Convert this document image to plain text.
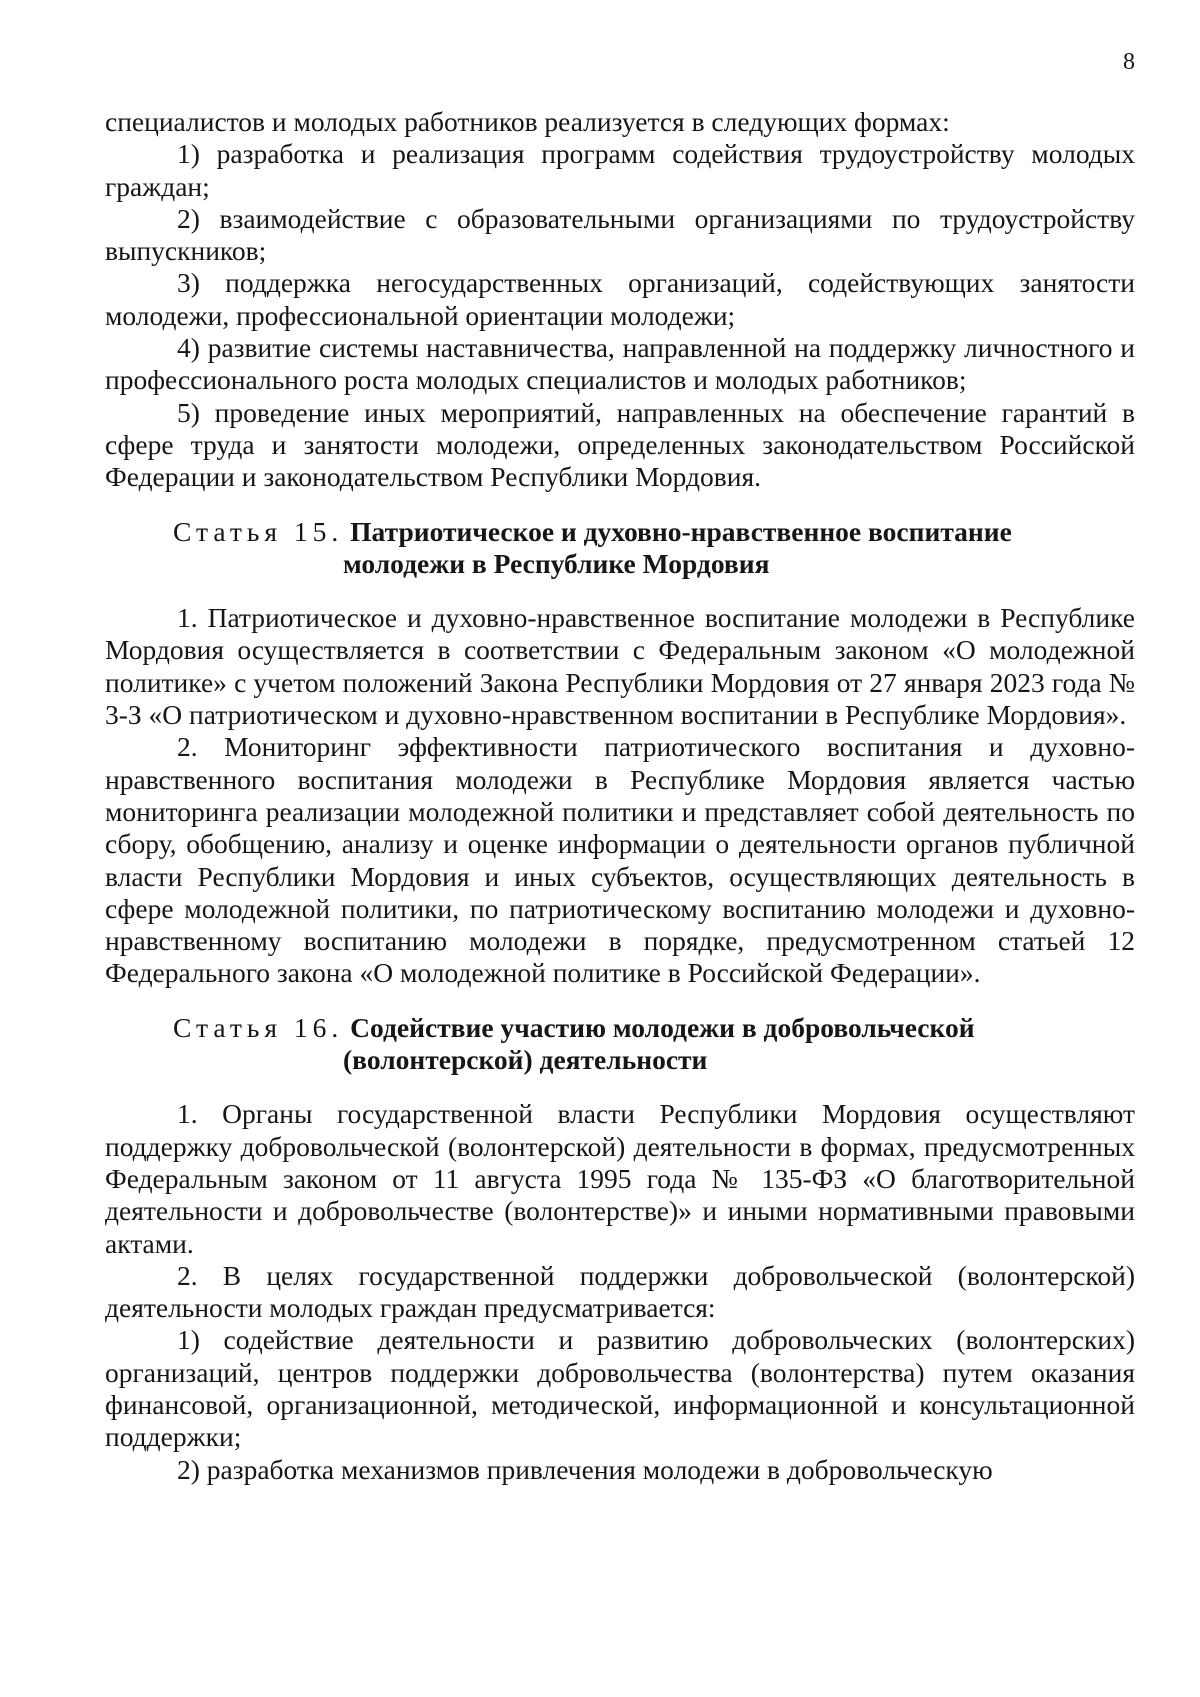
8

специалистов и молодых работников реализуется в следующих формах:

1) разработка и реализация программ содействия трудоустройству молодых граждан;

2) взаимодействие с образовательными организациями по трудоустройству выпускников;

3) поддержка негосударственных организаций, содействующих занятости молодежи, профессиональной ориентации молодежи;

4) развитие системы наставничества, направленной на поддержку личностного и профессионального роста молодых специалистов и молодых работников;

5) проведение иных мероприятий, направленных на обеспечение гарантий в сфере труда и занятости молодежи, определенных законодательством Российской Федерации и законодательством Республики Мордовия.

Статья 15. Патриотическое и духовно-нравственное воспитание
молодежи в Республике Мордовия

1. Патриотическое и духовно-нравственное воспитание молодежи в Республике Мордовия осуществляется в соответствии с Федеральным законом «О молодежной политике» с учетом положений Закона Республики Мордовия от 27 января 2023 года № 3-З «О патриотическом и духовно-нравственном воспитании в Республике Мордовия».

2. Мониторинг эффективности патриотического воспитания и духовно-нравственного воспитания молодежи в Республике Мордовия является частью мониторинга реализации молодежной политики и представляет собой деятельность по сбору, обобщению, анализу и оценке информации о деятельности органов публичной власти Республики Мордовия и иных субъектов, осуществляющих деятельность в сфере молодежной политики, по патриотическому воспитанию молодежи и духовно-нравственному воспитанию молодежи в порядке, предусмотренном статьей 12 Федерального закона «О молодежной политике в Российской Федерации».

Статья 16. Содействие участию молодежи в добровольческой
(волонтерской) деятельности

1. Органы государственной власти Республики Мордовия осуществляют поддержку добровольческой (волонтерской) деятельности в формах, предусмотренных Федеральным законом от 11 августа 1995 года № 135-ФЗ «О благотворительной деятельности и добровольчестве (волонтерстве)» и иными нормативными правовыми актами.

2. В целях государственной поддержки добровольческой (волонтерской) деятельности молодых граждан предусматривается:

1) содействие деятельности и развитию добровольческих (волонтерских) организаций, центров поддержки добровольчества (волонтерства) путем оказания финансовой, организационной, методической, информационной и консультационной поддержки;

2) разработка механизмов привлечения молодежи в добровольческую
